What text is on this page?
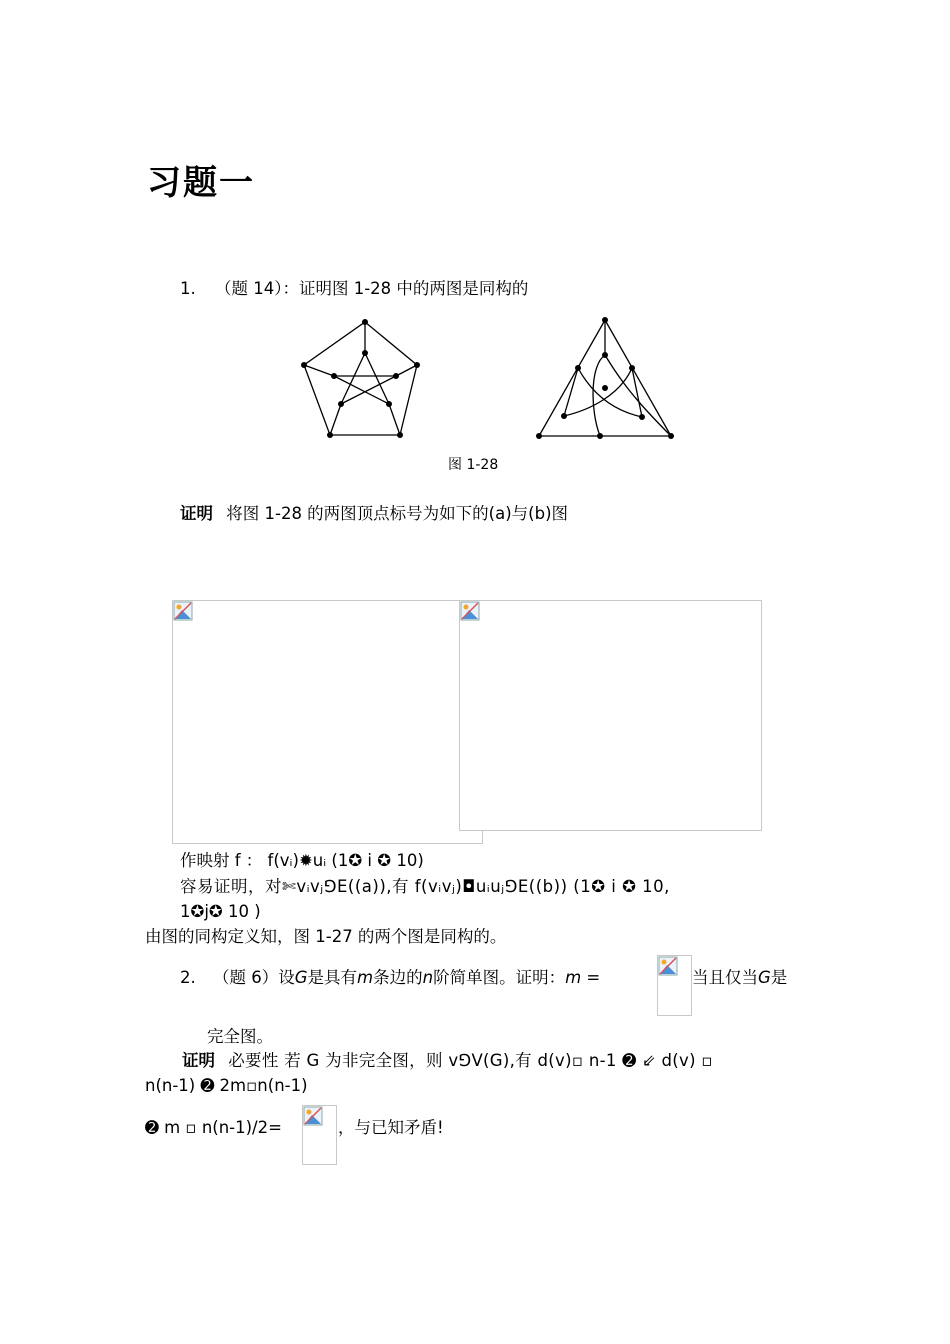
习题一
1. （题 14）：证明图 1-28 中的两图是同构的
图 1-28
证明 将图 1-28 的两图顶点标号为如下的(a)与(b)图
作映射 f ： f(vᵢ)✹uᵢ (1✪ i ✪ 10)
容易证明，对✄vᵢvⱼ⅁E((a)),有 f(vᵢvⱼ)◘uᵢuⱼ⅁E((b)) (1✪ i ✪ 10,
1✪j✪ 10 )
由图的同构定义知，图 1-27 的两个图是同构的。
2. （题 6）设G是具有m条边的n阶简单图。证明：m =	当且仅当G是
完全图。
证明 必要性 若 G 为非完全图，则 v⅁V(G),有 d(v)▫ n-1 ➋ ⇙ d(v) ▫
n(n-1) ➋ 2m▫n(n-1)
➋ m ▫ n(n-1)/2=	，与已知矛盾!
